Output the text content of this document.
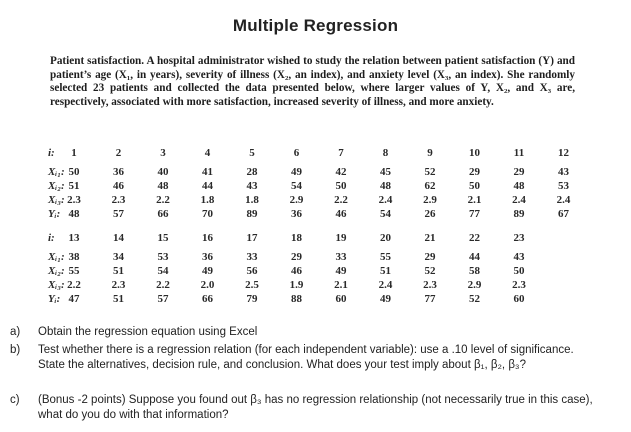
Multiple Regression
Patient satisfaction. A hospital administrator wished to study the relation between patient satisfaction (Y) and patient’s age (X₁, in years), severity of illness (X₂, an index), and anxiety level (X₃, an index). She randomly selected 23 patients and collected the data presented below, where larger values of Y, X₂, and X₃ are, respectively, associated with more satisfaction, increased severity of illness, and more anxiety.
i:	1	2	3	4	5	6	7	8	9	10	11	12
Xᵢ₁: 50	36	40	41	28	49	42	45	52	29	29	43
Xᵢ₂: 51	46	48	44	43	54	50	48	62	50	48	53
Xᵢ₃: 2.3	2.3	2.2	1.8	1.8	2.9	2.2	2.4	2.9	2.1	2.4	2.4
Yᵢ: 48	57	66	70	89	36	46	54	26	77	89	67
i:	13	14	15	16	17	18	19	20	21	22	23
Xᵢ₁: 38	34	53	36	33	29	33	55	29	44	43
Xᵢ₂: 55	51	54	49	56	46	49	51	52	58	50
Xᵢ₃: 2.2	2.3	2.2	2.0	2.5	1.9	2.1	2.4	2.3	2.9	2.3
Yᵢ: 47	51	57	66	79	88	60	49	77	52	60
a) Obtain the regression equation using Excel
b) Test whether there is a regression relation (for each independent variable): use a .10 level of significance. State the alternatives, decision rule, and conclusion. What does your test imply about β₁, β₂, β₃?
c) (Bonus -2 points) Suppose you found out β₃ has no regression relationship (not necessarily true in this case), what do you do with that information?
